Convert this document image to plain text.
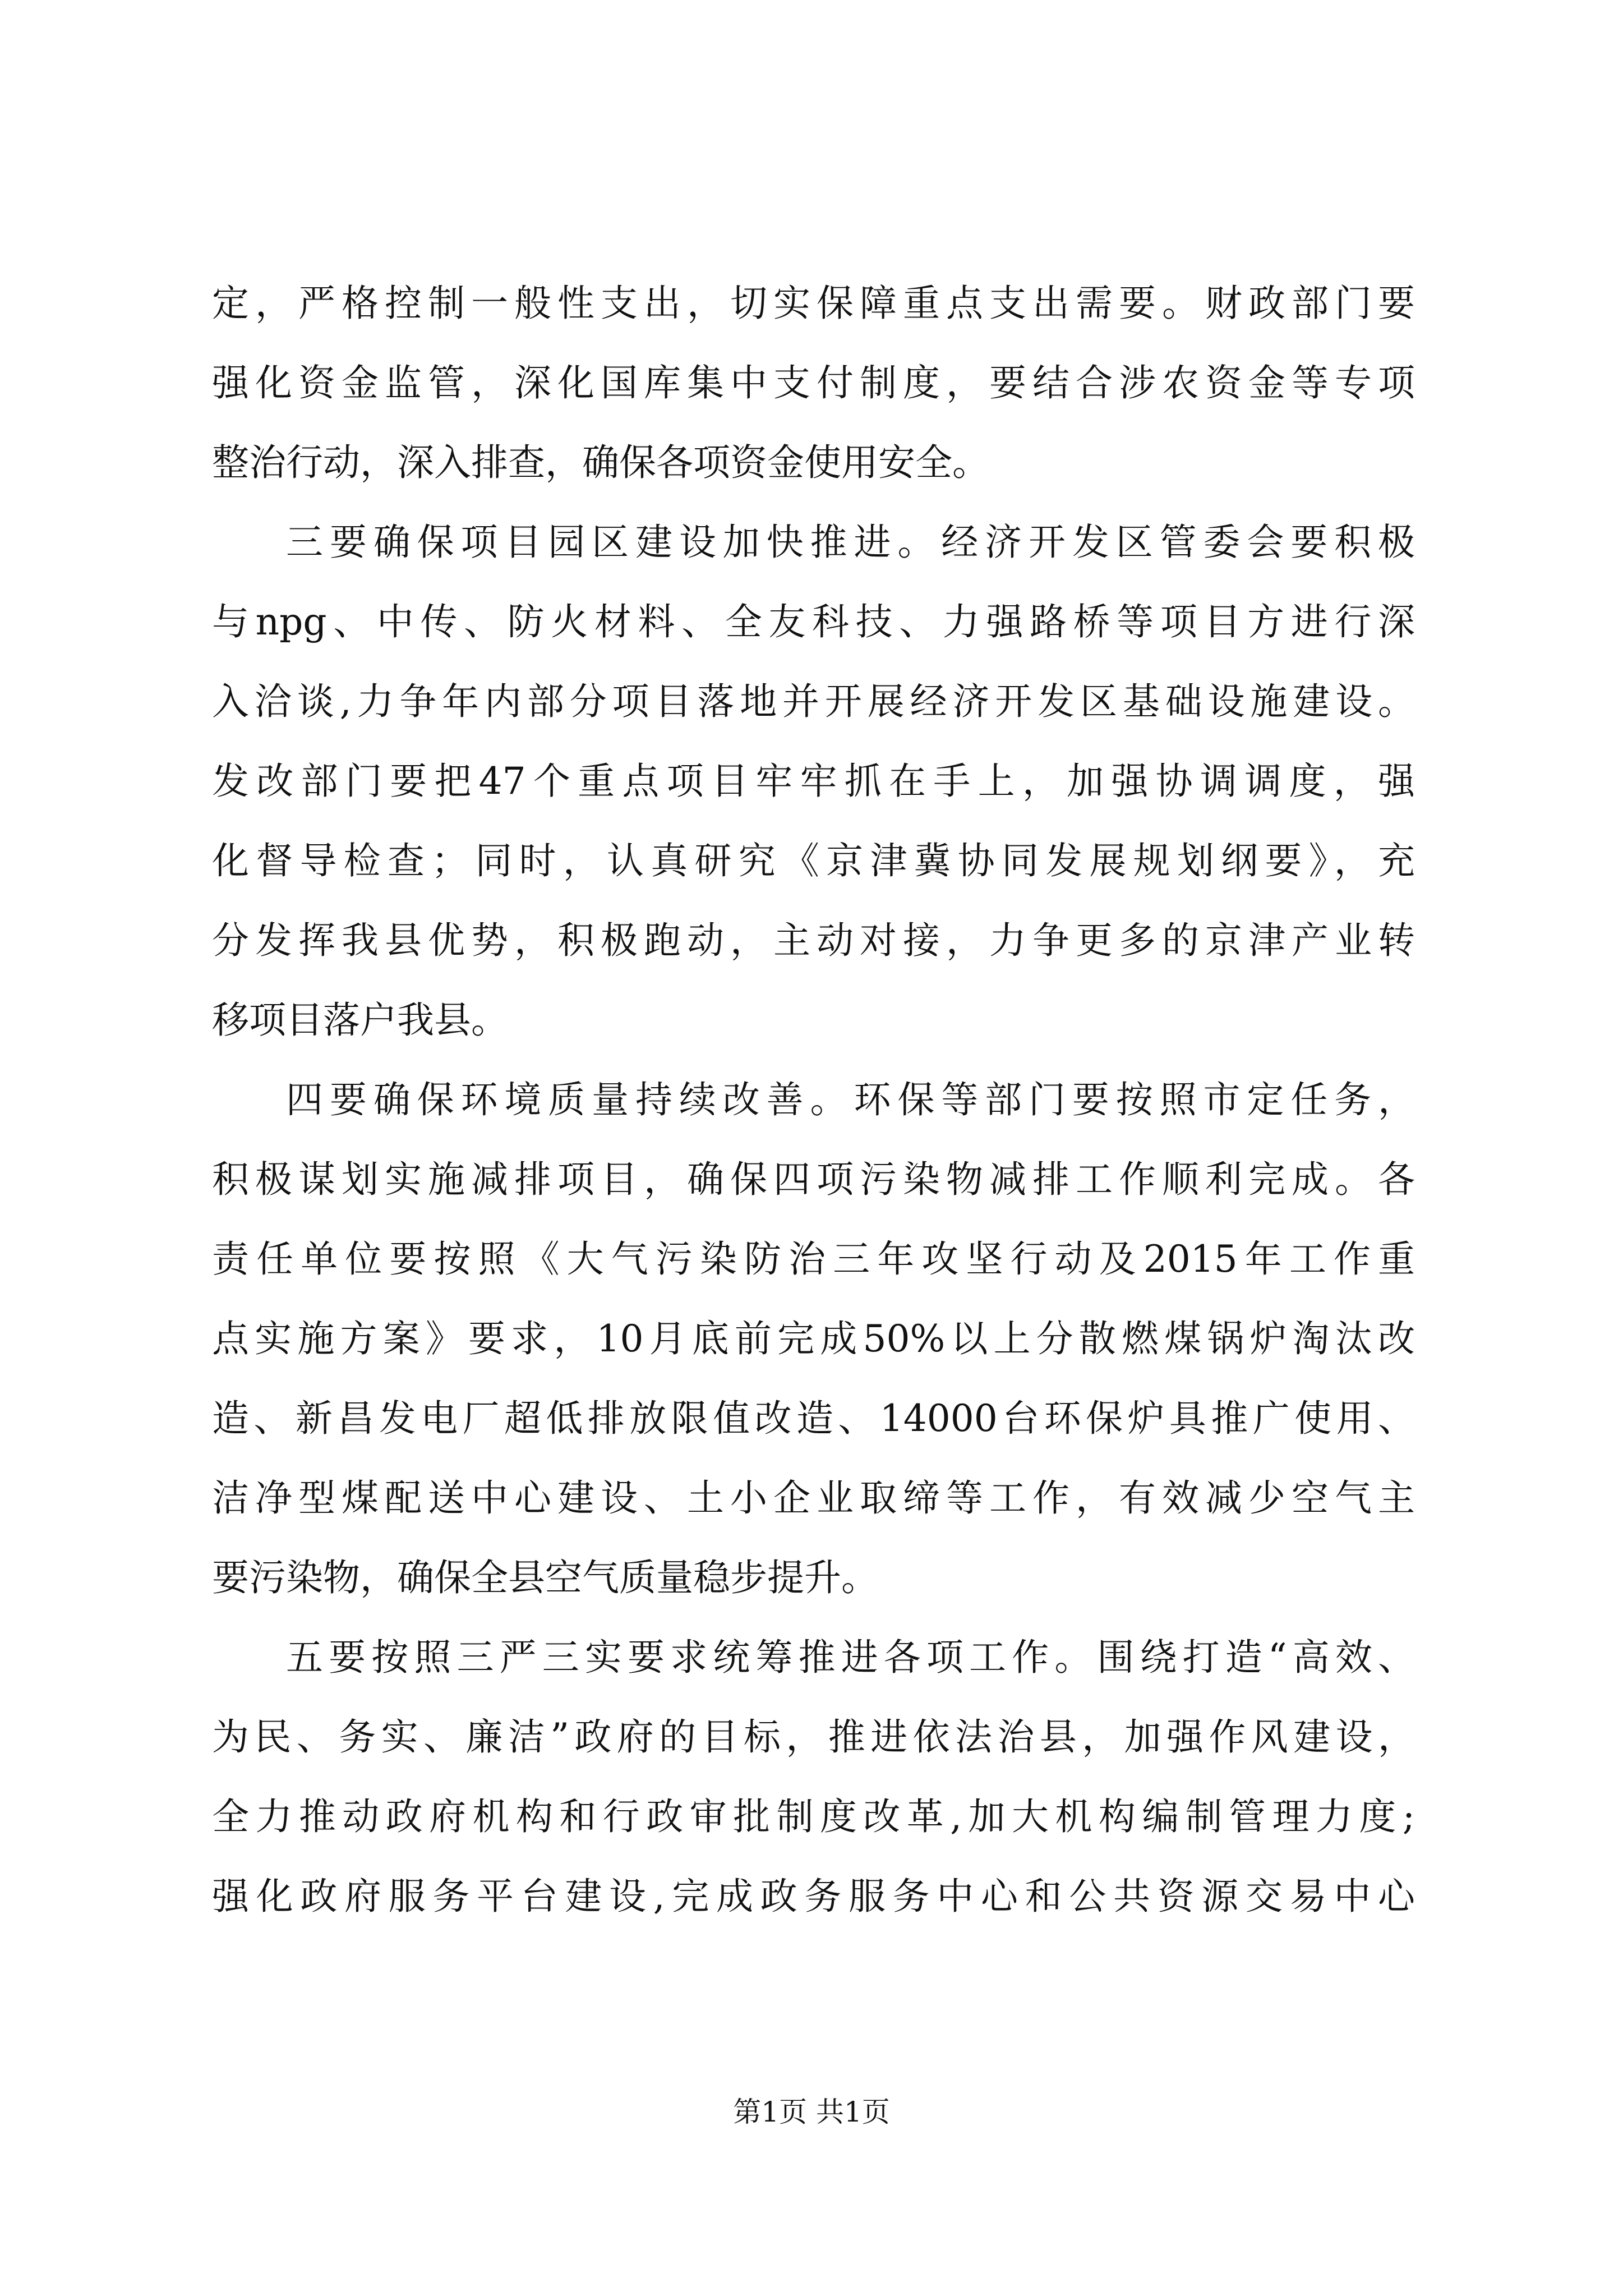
定，严格控制一般性支出，切实保障重点支出需要。财政部门要
强化资金监管，深化国库集中支付制度，要结合涉农资金等专项
整治行动，深入排查，确保各项资金使用安全。
三要确保项目园区建设加快推进。经济开发区管委会要积极
与npg、中传、防火材料、全友科技、力强路桥等项目方进行深
入洽谈,力争年内部分项目落地并开展经济开发区基础设施建设。
发改部门要把47个重点项目牢牢抓在手上，加强协调调度，强
化督导检查；同时，认真研究《京津冀协同发展规划纲要》，充
分发挥我县优势，积极跑动，主动对接，力争更多的京津产业转
移项目落户我县。
四要确保环境质量持续改善。环保等部门要按照市定任务，
积极谋划实施减排项目，确保四项污染物减排工作顺利完成。各
责任单位要按照《大气污染防治三年攻坚行动及2015年工作重
点实施方案》要求，10月底前完成50%以上分散燃煤锅炉淘汰改
造、新昌发电厂超低排放限值改造、14000台环保炉具推广使用、
洁净型煤配送中心建设、土小企业取缔等工作，有效减少空气主
要污染物，确保全县空气质量稳步提升。
五要按照三严三实要求统筹推进各项工作。围绕打造“高效、
为民、务实、廉洁”政府的目标，推进依法治县，加强作风建设，
全力推动政府机构和行政审批制度改革,加大机构编制管理力度;
强化政府服务平台建设,完成政务服务中心和公共资源交易中心
第1页 共1页
